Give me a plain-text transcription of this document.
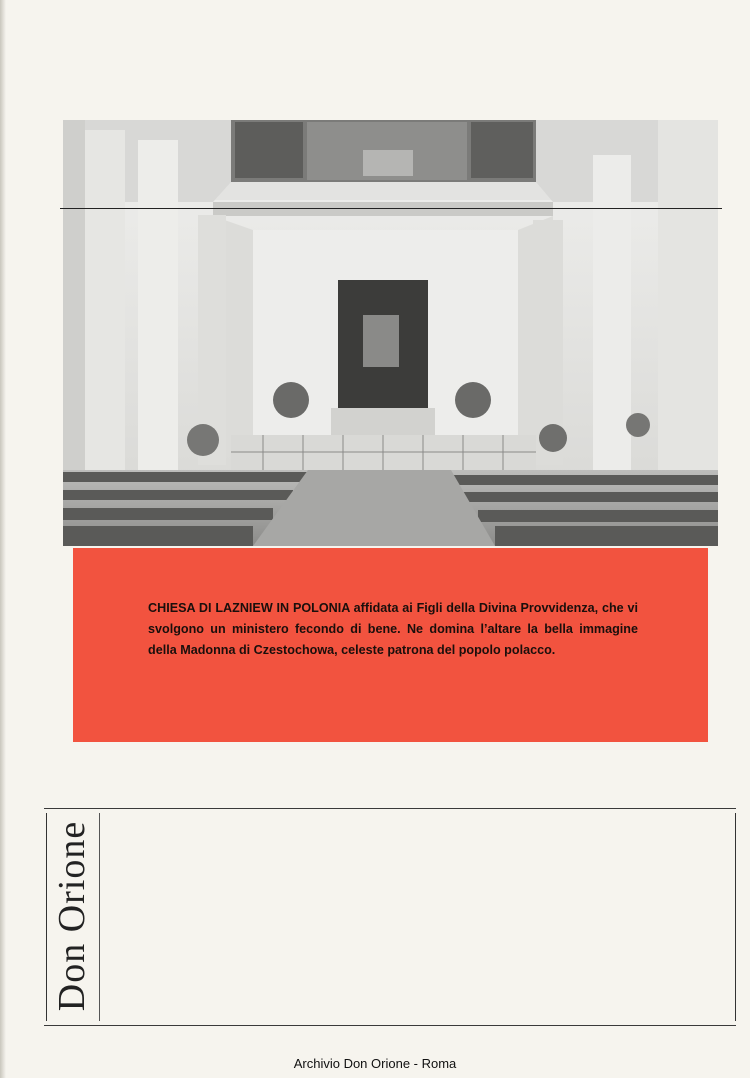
CHIESA DI LAZNIEW IN POLONIA affidata ai Figli della Divina Provvidenza, che vi svolgono un ministero fecondo di bene. Ne domina l’altare la bella immagine della Madonna di Czestochowa, celeste patrona del popolo polacco.
Don Orione
Archivio Don Orione - Roma
